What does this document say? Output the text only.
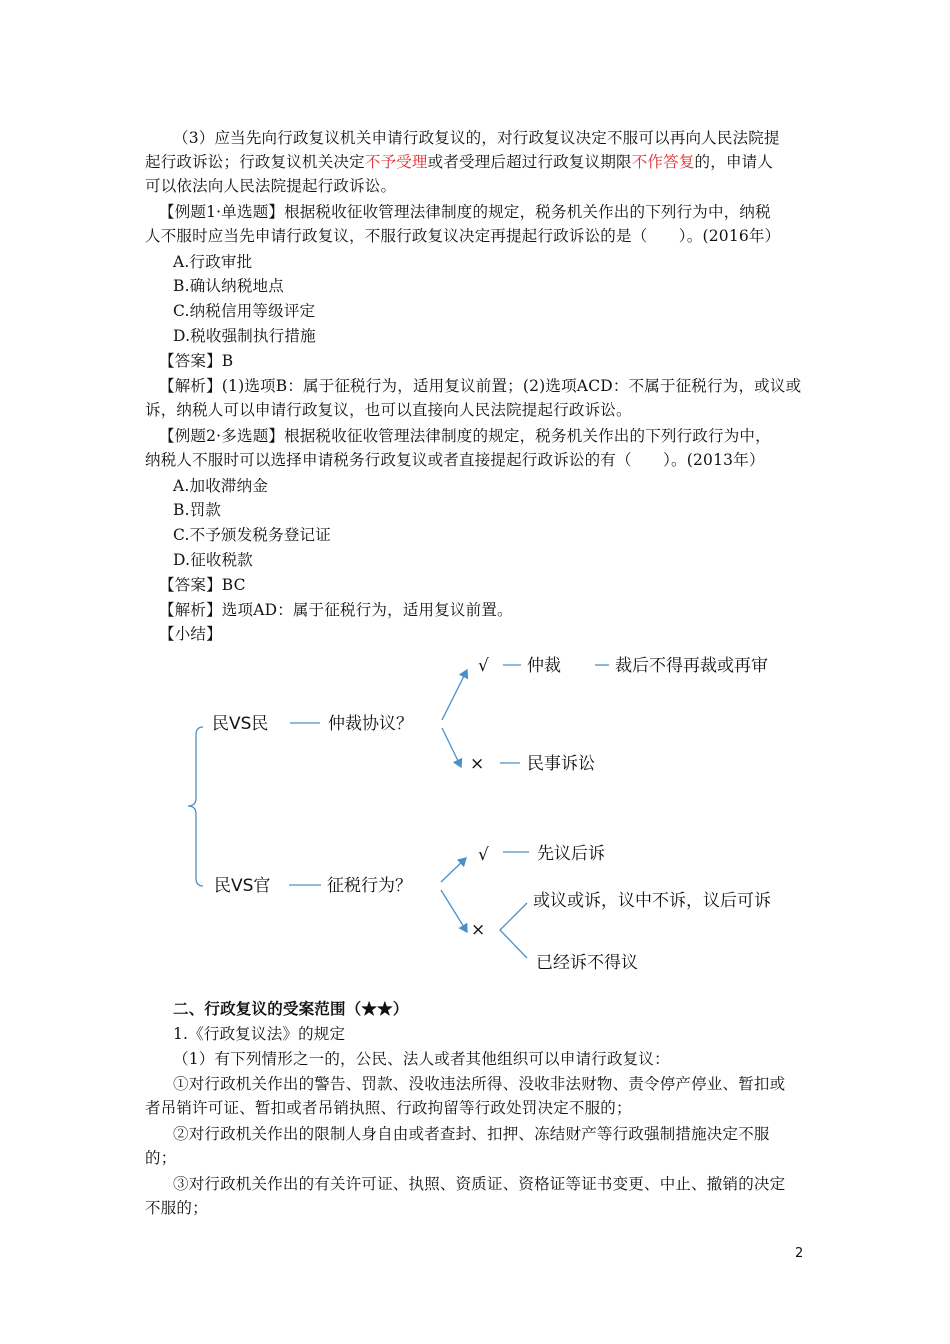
（3）应当先向行政复议机关申请行政复议的，对行政复议决定不服可以再向人民法院提
起行政诉讼；行政复议机关决定不予受理或者受理后超过行政复议期限不作答复的，申请人
可以依法向人民法院提起行政诉讼。
【例题1·单选题】根据税收征收管理法律制度的规定，税务机关作出的下列行为中，纳税
人不服时应当先申请行政复议，不服行政复议决定再提起行政诉讼的是（　　）。(2016年）
A.行政审批
B.确认纳税地点
C.纳税信用等级评定
D.税收强制执行措施
【答案】B
【解析】(1)选项B：属于征税行为，适用复议前置；(2)选项ACD：不属于征税行为，或议或
诉，纳税人可以申请行政复议，也可以直接向人民法院提起行政诉讼。
【例题2·多选题】根据税收征收管理法律制度的规定，税务机关作出的下列行政行为中，
纳税人不服时可以选择申请税务行政复议或者直接提起行政诉讼的有（　　）。(2013年）
A.加收滞纳金
B.罚款
C.不予颁发税务登记证
D.征收税款
【答案】BC
【解析】选项AD：属于征税行为，适用复议前置。
【小结】
民VS民	仲裁协议？
√ 仲裁	裁后不得再裁或再审
×	民事诉讼
民VS官	征税行为？
√	先议后诉
×
或议或诉，议中不诉，议后可诉
已经诉不得议
二、行政复议的受案范围（★★）
1.《行政复议法》的规定
（1）有下列情形之一的，公民、法人或者其他组织可以申请行政复议：
①对行政机关作出的警告、罚款、没收违法所得、没收非法财物、责令停产停业、暂扣或
者吊销许可证、暂扣或者吊销执照、行政拘留等行政处罚决定不服的；
②对行政机关作出的限制人身自由或者查封、扣押、冻结财产等行政强制措施决定不服
的；
③对行政机关作出的有关许可证、执照、资质证、资格证等证书变更、中止、撤销的决定
不服的；
2
